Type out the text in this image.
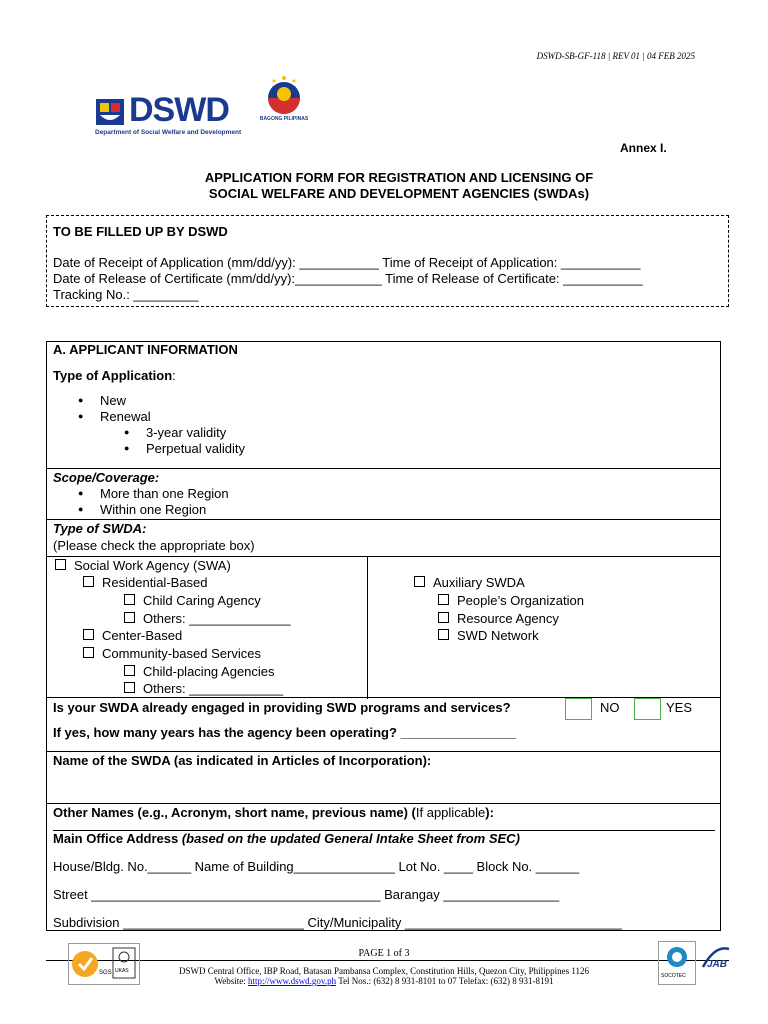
DSWD-SB-GF-118 | REV 01 | 04 FEB 2025
DSWD
Department of Social Welfare and Development
BAGONG PILIPINAS
Annex I.
APPLICATION FORM FOR REGISTRATION AND LICENSING OF
SOCIAL WELFARE AND DEVELOPMENT AGENCIES (SWDAs)
TO BE FILLED UP BY DSWD
Date of Receipt of Application (mm/dd/yy): ___________ Time of Receipt of Application: ___________
Date of Release of Certificate (mm/dd/yy):____________ Time of Release of Certificate: ___________
Tracking No.: _________
A. APPLICANT INFORMATION
Type of Application:
● New
● Renewal
● 3-year validity
● Perpetual validity
Scope/Coverage:
● More than one Region
● Within one Region
Type of SWDA:
(Please check the appropriate box)
Social Work Agency (SWA)
Residential-Based
Child Caring Agency
Others: ______________
Center-Based
Community-based Services
Child-placing Agencies
Others: _____________
Auxiliary SWDA
People’s Organization
Resource Agency
SWD Network
Is your SWDA already engaged in providing SWD programs and services?	NO	YES
If yes, how many years has the agency been operating? ________________
Name of the SWDA (as indicated in Articles of Incorporation):
Other Names (e.g., Acronym, short name, previous name) (If applicable):
Main Office Address (based on the updated General Intake Sheet from SEC)
House/Bldg. No.______ Name of Building______________ Lot No. ____ Block No. ______
Street ________________________________________ Barangay ________________
Subdivision _________________________ City/Municipality ______________________________
PAGE 1 of 3
DSWD Central Office, IBP Road, Batasan Pambansa Complex, Constitution Hills, Quezon City, Philippines 1126
Website: http://www.dswd.gov.ph Tel Nos.: (632) 8 931-8101 to 07 Telefax: (632) 8 931-8191
SGS UKAS
SOCOTEC
JAB
